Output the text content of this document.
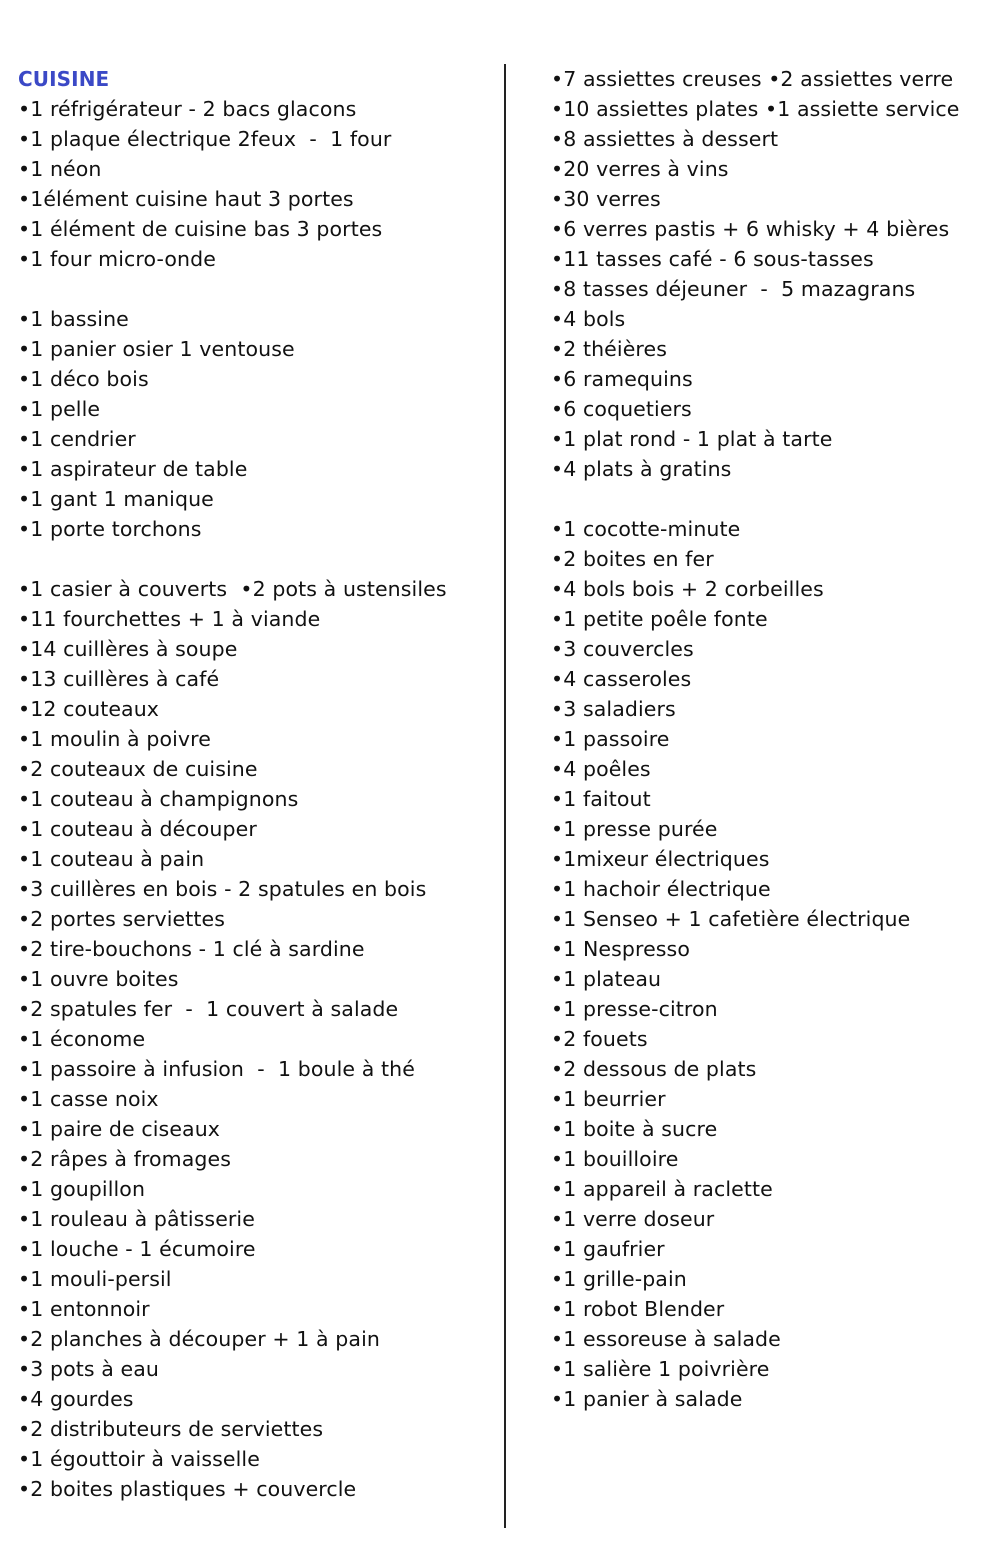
CUISINE
•1 réfrigérateur - 2 bacs glacons
•1 plaque électrique 2feux  -  1 four
•1 néon
•1élément cuisine haut 3 portes
•1 élément de cuisine bas 3 portes
•1 four micro-onde
•1 bassine
•1 panier osier 1 ventouse
•1 déco bois
•1 pelle
•1 cendrier
•1 aspirateur de table
•1 gant 1 manique
•1 porte torchons
•1 casier à couverts  •2 pots à ustensiles
•11 fourchettes + 1 à viande
•14 cuillères à soupe
•13 cuillères à café
•12 couteaux
•1 moulin à poivre
•2 couteaux de cuisine
•1 couteau à champignons
•1 couteau à découper
•1 couteau à pain
•3 cuillères en bois - 2 spatules en bois
•2 portes serviettes
•2 tire-bouchons - 1 clé à sardine
•1 ouvre boites
•2 spatules fer  -  1 couvert à salade
•1 économe
•1 passoire à infusion  -  1 boule à thé
•1 casse noix
•1 paire de ciseaux
•2 râpes à fromages
•1 goupillon
•1 rouleau à pâtisserie
•1 louche - 1 écumoire
•1 mouli-persil
•1 entonnoir
•2 planches à découper + 1 à pain
•3 pots à eau
•4 gourdes
•2 distributeurs de serviettes
•1 égouttoir à vaisselle
•2 boites plastiques + couvercle
•7 assiettes creuses •2 assiettes verre
•10 assiettes plates •1 assiette service
•8 assiettes à dessert
•20 verres à vins
•30 verres
•6 verres pastis + 6 whisky + 4 bières
•11 tasses café - 6 sous-tasses
•8 tasses déjeuner  -  5 mazagrans
•4 bols
•2 théières
•6 ramequins
•6 coquetiers
•1 plat rond - 1 plat à tarte
•4 plats à gratins
•1 cocotte-minute
•2 boites en fer
•4 bols bois + 2 corbeilles
•1 petite poêle fonte
•3 couvercles
•4 casseroles
•3 saladiers
•1 passoire
•4 poêles
•1 faitout
•1 presse purée
•1mixeur électriques
•1 hachoir électrique
•1 Senseo + 1 cafetière électrique
•1 Nespresso
•1 plateau
•1 presse-citron
•2 fouets
•2 dessous de plats
•1 beurrier
•1 boite à sucre
•1 bouilloire
•1 appareil à raclette
•1 verre doseur
•1 gaufrier
•1 grille-pain
•1 robot Blender
•1 essoreuse à salade
•1 salière 1 poivrière
•1 panier à salade
